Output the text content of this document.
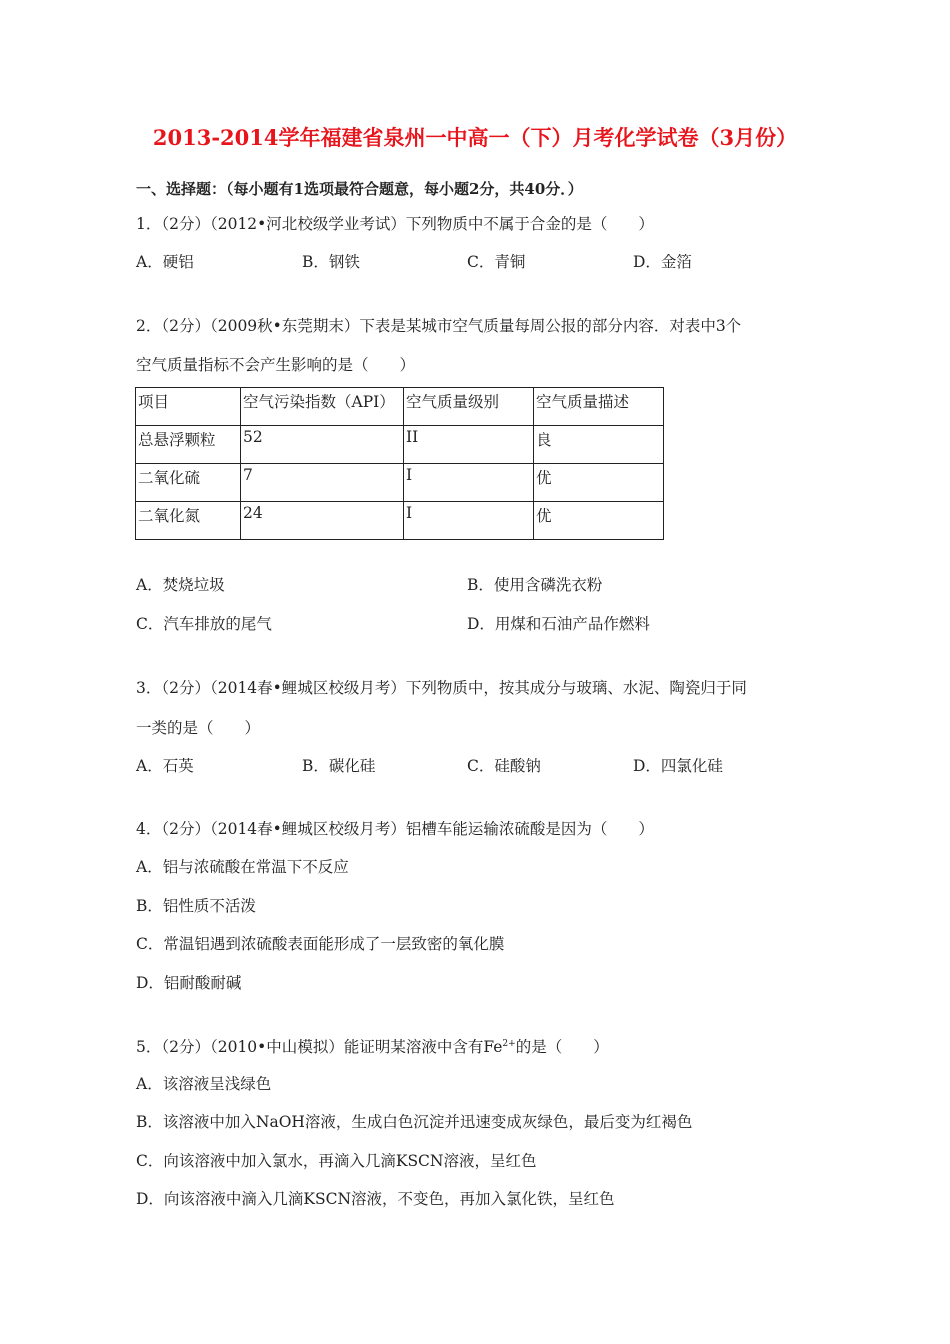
2013-2014学年福建省泉州一中高一（下）月考化学试卷（3月份）
一、选择题：（每小题有1选项最符合题意，每小题2分，共40分．）
1．（2分）（2012•河北校级学业考试）下列物质中不属于合金的是（　　）
A．硬铝	B．钢铁	C．青铜	D．金箔
2．（2分）（2009秋•东莞期末）下表是某城市空气质量每周公报的部分内容．对表中3个
空气质量指标不会产生影响的是（　　）
项目	空气污染指数（API）	空气质量级别	空气质量描述
总悬浮颗粒	52	II	良
二氧化硫	7	I	优
二氧化氮	24	I	优
A．焚烧垃圾	B．使用含磷洗衣粉
C．汽车排放的尾气	D．用煤和石油产品作燃料
3．（2分）（2014春•鲤城区校级月考）下列物质中，按其成分与玻璃、水泥、陶瓷归于同
一类的是（　　）
A．石英	B．碳化硅	C．硅酸钠	D．四氯化硅
4．（2分）（2014春•鲤城区校级月考）铝槽车能运输浓硫酸是因为（　　）
A．铝与浓硫酸在常温下不反应
B．铝性质不活泼
C．常温铝遇到浓硫酸表面能形成了一层致密的氧化膜
D．铝耐酸耐碱
5．（2分）（2010•中山模拟）能证明某溶液中含有$Fe^{2+}$的是（　　）
A．该溶液呈浅绿色
B．该溶液中加入NaOH溶液，生成白色沉淀并迅速变成灰绿色，最后变为红褐色
C．向该溶液中加入氯水，再滴入几滴KSCN溶液，呈红色
D．向该溶液中滴入几滴KSCN溶液，不变色，再加入氯化铁，呈红色
